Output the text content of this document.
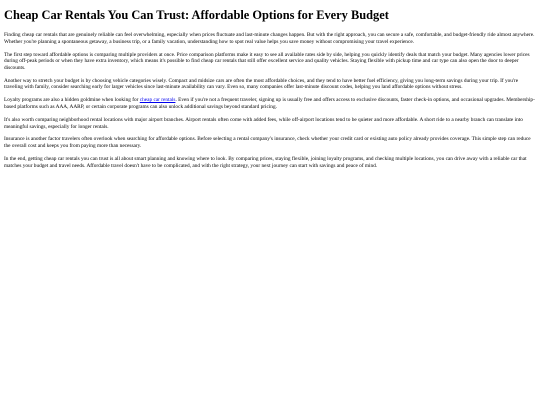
Cheap Car Rentals You Can Trust: Affordable Options for Every Budget

Finding cheap car rentals that are genuinely reliable can feel overwhelming, especially when prices fluctuate and last-minute changes happen. But with the right approach, you can secure a safe, comfortable, and budget-friendly ride almost anywhere. Whether you're planning a spontaneous getaway, a business trip, or a family vacation, understanding how to spot real value helps you save money without compromising your travel experience.

The first step toward affordable options is comparing multiple providers at once. Price comparison platforms make it easy to see all available rates side by side, helping you quickly identify deals that match your budget. Many agencies lower prices during off-peak periods or when they have extra inventory, which means it's possible to find cheap car rentals that still offer excellent service and quality vehicles. Staying flexible with pickup time and car type can also open the door to deeper discounts.

Another way to stretch your budget is by choosing vehicle categories wisely. Compact and midsize cars are often the most affordable choices, and they tend to have better fuel efficiency, giving you long-term savings during your trip. If you're traveling with family, consider searching early for larger vehicles since last-minute availability can vary. Even so, many companies offer last-minute discount codes, helping you land affordable options without stress.

Loyalty programs are also a hidden goldmine when looking for cheap car rentals. Even if you're not a frequent traveler, signing up is usually free and offers access to exclusive discounts, faster check-in options, and occasional upgrades. Membership-based platforms such as AAA, AARP, or certain corporate programs can also unlock additional savings beyond standard pricing.

It's also worth comparing neighborhood rental locations with major airport branches. Airport rentals often come with added fees, while off-airport locations tend to be quieter and more affordable. A short ride to a nearby branch can translate into meaningful savings, especially for longer rentals.

Insurance is another factor travelers often overlook when searching for affordable options. Before selecting a rental company's insurance, check whether your credit card or existing auto policy already provides coverage. This simple step can reduce the overall cost and keeps you from paying more than necessary.

In the end, getting cheap car rentals you can trust is all about smart planning and knowing where to look. By comparing prices, staying flexible, joining loyalty programs, and checking multiple locations, you can drive away with a reliable car that matches your budget and travel needs. Affordable travel doesn't have to be complicated, and with the right strategy, your next journey can start with savings and peace of mind.
